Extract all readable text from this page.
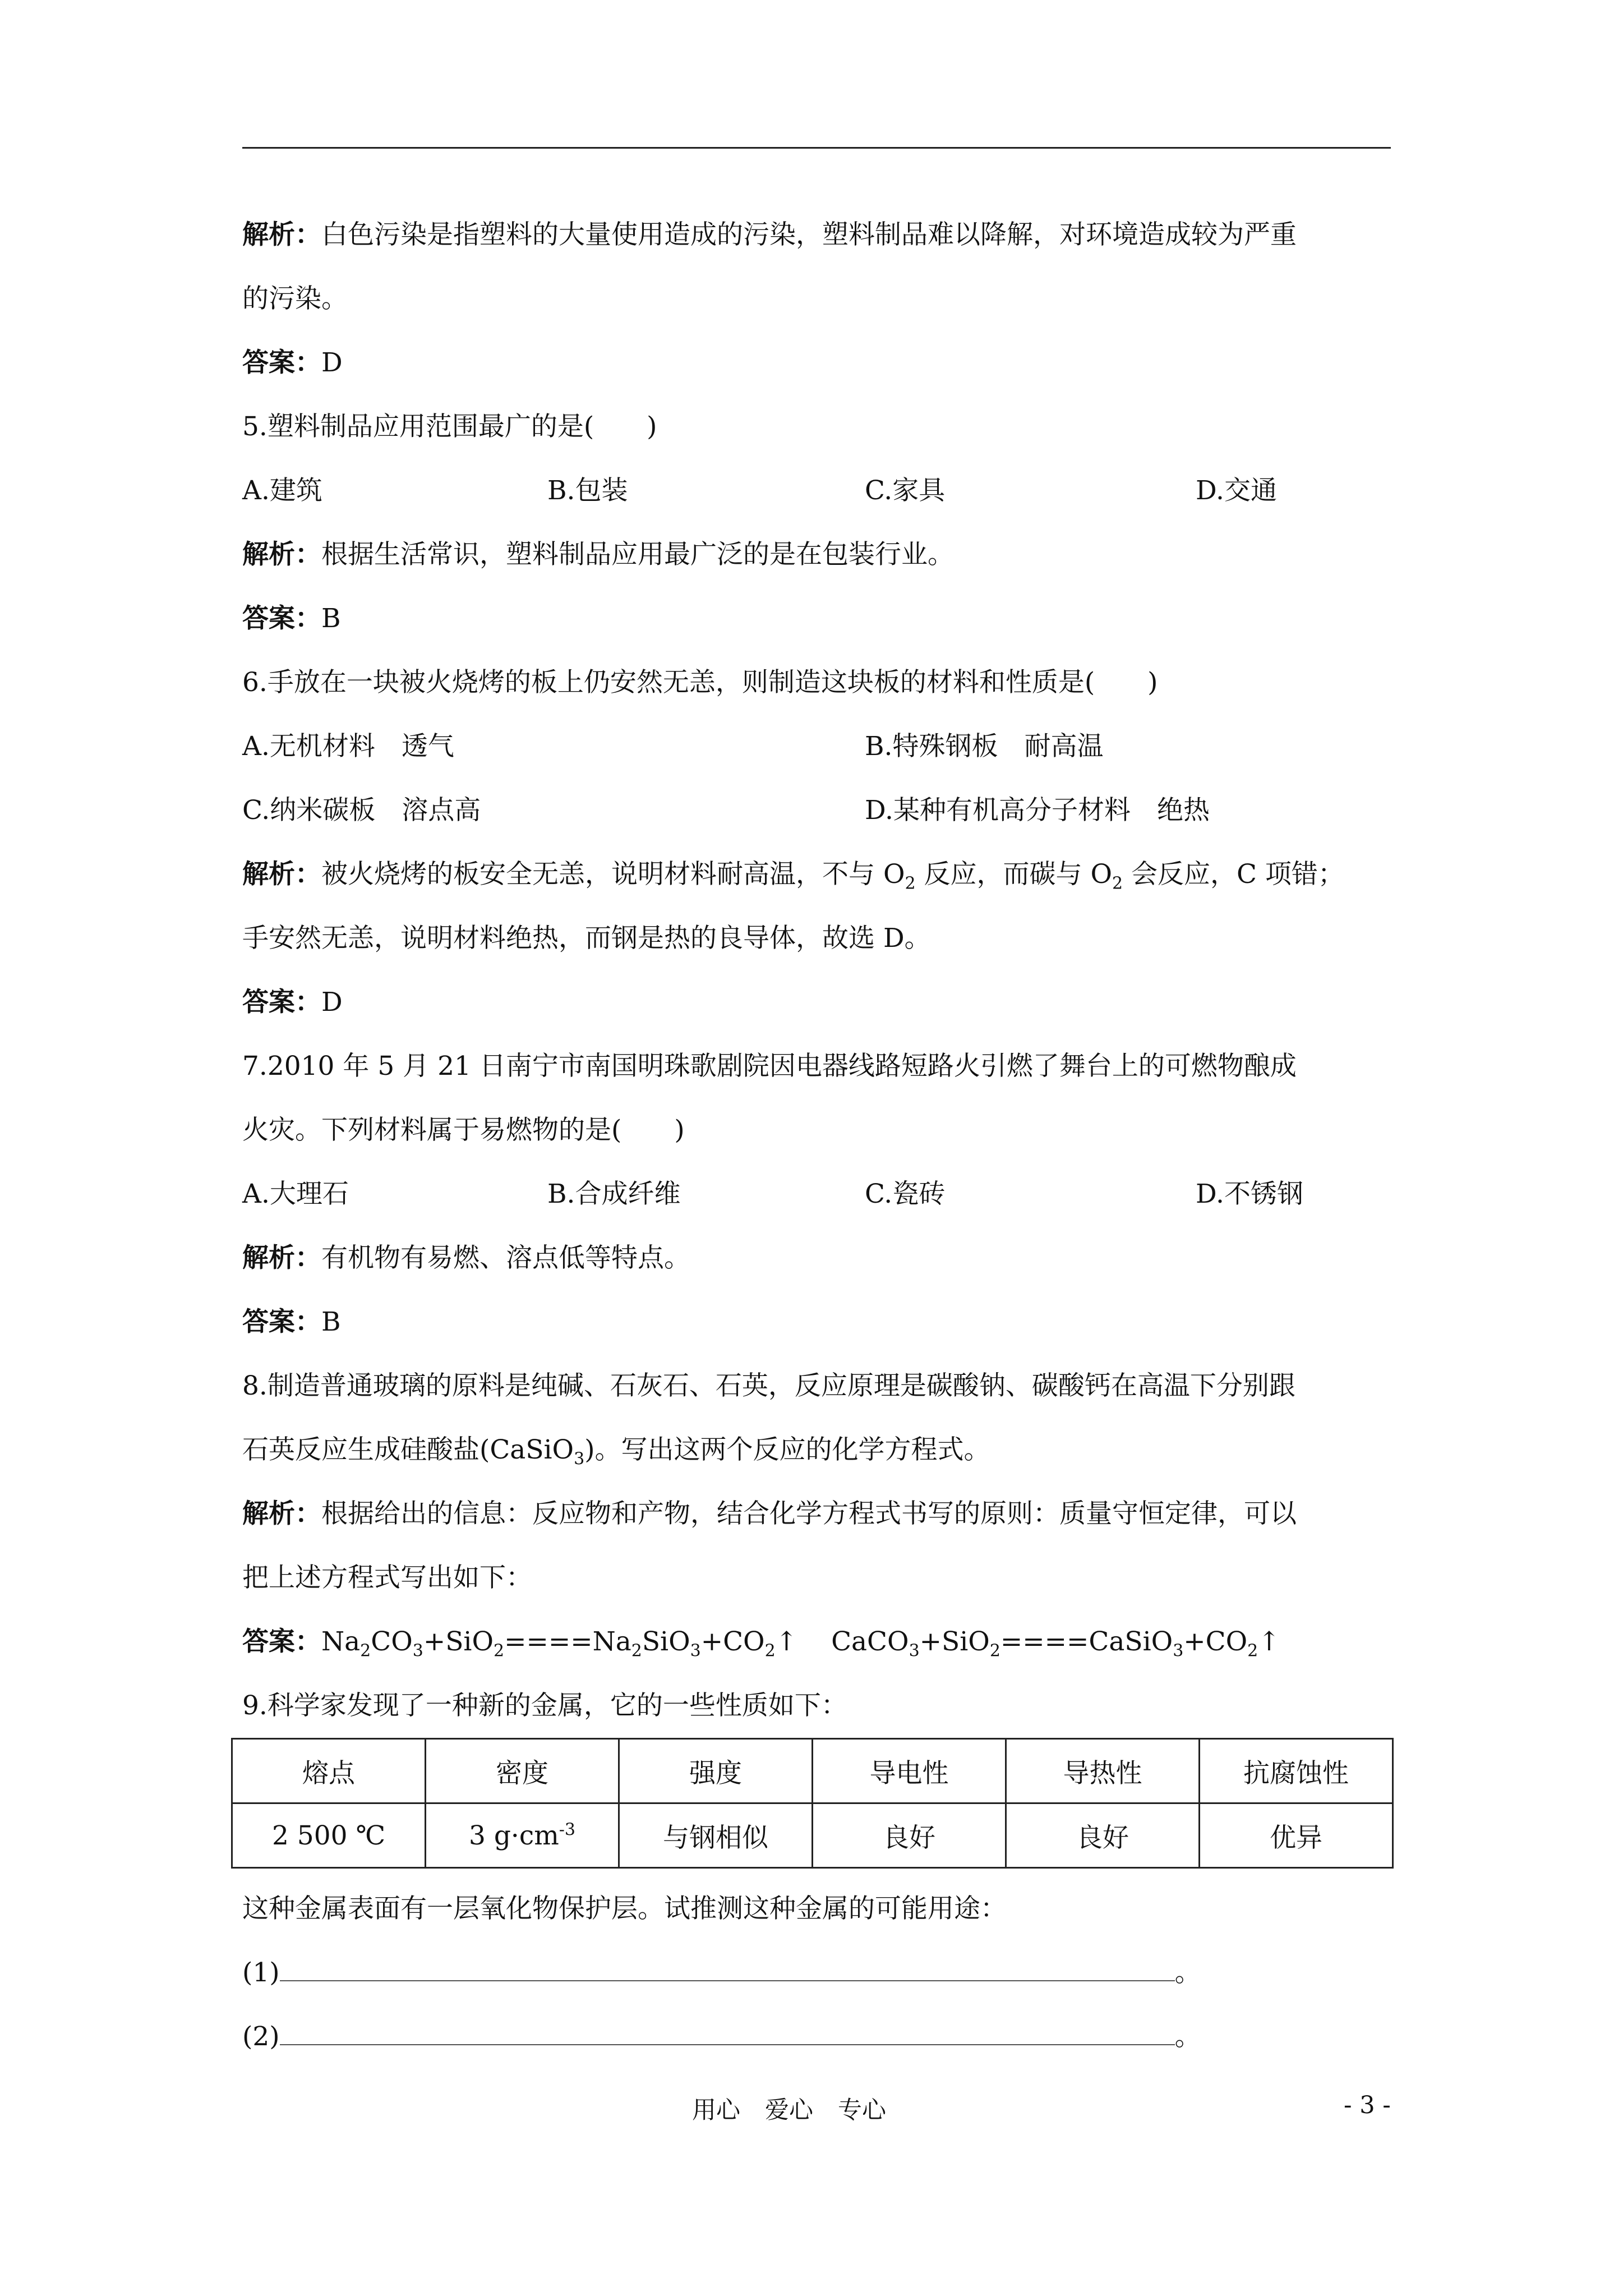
解析：白色污染是指塑料的大量使用造成的污染，塑料制品难以降解，对环境造成较为严重
的污染。
答案：D
5.塑料制品应用范围最广的是(　　)
A.建筑	B.包装	C.家具	D.交通
解析：根据生活常识，塑料制品应用最广泛的是在包装行业。
答案：B
6.手放在一块被火烧烤的板上仍安然无恙，则制造这块板的材料和性质是(　　)
A.无机材料　透气	B.特殊钢板　耐高温
C.纳米碳板　溶点高	D.某种有机高分子材料　绝热
解析：被火烧烤的板安全无恙，说明材料耐高温，不与 $O_2$ 反应，而碳与 $O_2$ 会反应，C 项错；
手安然无恙，说明材料绝热，而钢是热的良导体，故选 D。
答案：D
7.2010 年 5 月 21 日南宁市南国明珠歌剧院因电器线路短路火引燃了舞台上的可燃物酿成
火灾。下列材料属于易燃物的是(　　)
A.大理石	B.合成纤维	C.瓷砖	D.不锈钢
解析：有机物有易燃、溶点低等特点。
答案：B
8.制造普通玻璃的原料是纯碱、石灰石、石英，反应原理是碳酸钠、碳酸钙在高温下分别跟
石英反应生成硅酸盐(CaSiO$_3$)。写出这两个反应的化学方程式。
解析：根据给出的信息：反应物和产物，结合化学方程式书写的原则：质量守恒定律，可以
把上述方程式写出如下：
答案：$Na_2CO_3+SiO_2====Na_2SiO_3+CO_2↑$ $CaCO_3+SiO_2====CaSiO_3+CO_2↑$
9.科学家发现了一种新的金属，它的一些性质如下：
熔点	密度	强度	导电性	导热性	抗腐蚀性
2 500 ℃	3 $g\cdot cm^{-3}$	与钢相似	良好	良好	优异
这种金属表面有一层氧化物保护层。试推测这种金属的可能用途：
(1)	。
(2)	。
用心 爱心 专心	- 3 -
